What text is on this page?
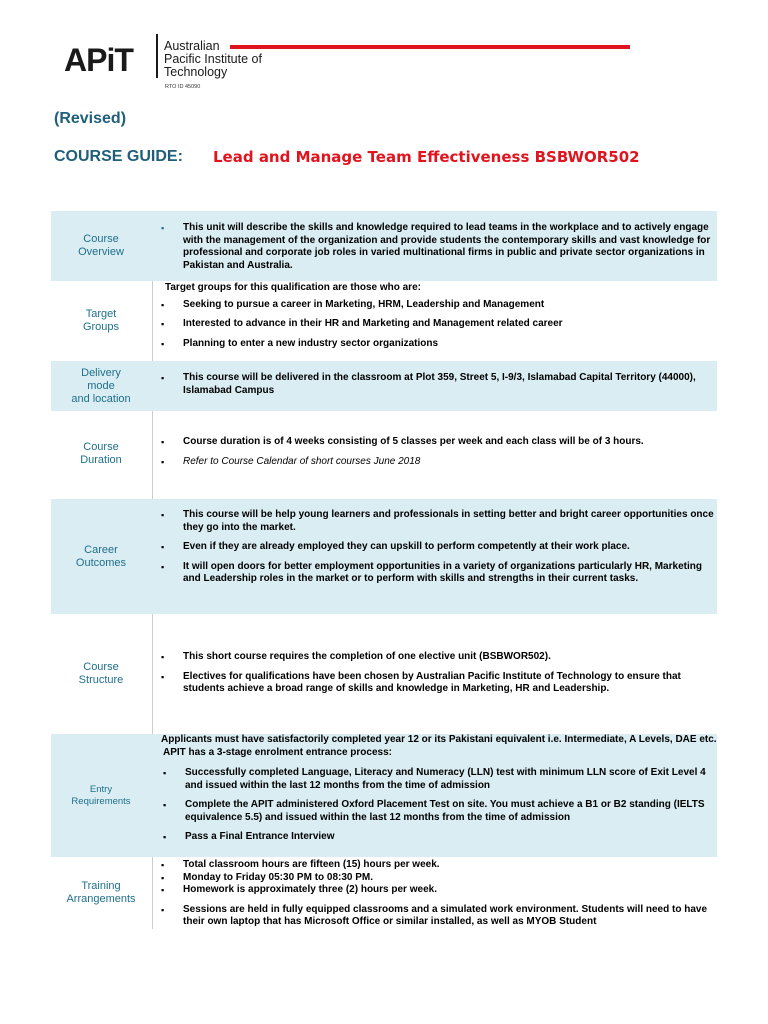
APiT Australian
Pacific Institute of
Technology
RTO ID 45090
(Revised)
COURSE GUIDE: Lead and Manage Team Effectiveness BSBWOR502
Course
Overview
▪ This unit will describe the skills and knowledge required to lead teams in the workplace and to actively engage with the management of the organization and provide students the contemporary skills and vast knowledge for professional and corporate job roles in varied multinational firms in public and private sector organizations in Pakistan and Australia.
Target
Groups
Target groups for this qualification are those who are:
▪ Seeking to pursue a career in Marketing, HRM, Leadership and Management
▪ Interested to advance in their HR and Marketing and Management related career
▪ Planning to enter a new industry sector organizations
Delivery
mode
and location
▪ This course will be delivered in the classroom at Plot 359, Street 5, I-9/3, Islamabad Capital Territory (44000), Islamabad Campus
Course
Duration
▪ Course duration is of 4 weeks consisting of 5 classes per week and each class will be of 3 hours.
▪ Refer to Course Calendar of short courses June 2018
Career
Outcomes
▪ This course will be help young learners and professionals in setting better and bright career opportunities once they go into the market.
▪ Even if they are already employed they can upskill to perform competently at their work place.
▪ It will open doors for better employment opportunities in a variety of organizations particularly HR, Marketing and Leadership roles in the market or to perform with skills and strengths in their current tasks.
Course
Structure
▪ This short course requires the completion of one elective unit (BSBWOR502).
▪ Electives for qualifications have been chosen by Australian Pacific Institute of Technology to ensure that students achieve a broad range of skills and knowledge in Marketing, HR and Leadership.
Entry
Requirements
Applicants must have satisfactorily completed year 12 or its Pakistani equivalent i.e. Intermediate, A Levels, DAE etc.
APIT has a 3-stage enrolment entrance process:
▪ Successfully completed Language, Literacy and Numeracy (LLN) test with minimum LLN score of Exit Level 4 and issued within the last 12 months from the time of admission
▪ Complete the APIT administered Oxford Placement Test on site. You must achieve a B1 or B2 standing (IELTS equivalence 5.5) and issued within the last 12 months from the time of admission
▪ Pass a Final Entrance Interview
Training
Arrangements
▪ Total classroom hours are fifteen (15) hours per week.
▪ Monday to Friday 05:30 PM to 08:30 PM.
▪ Homework is approximately three (2) hours per week.
▪ Sessions are held in fully equipped classrooms and a simulated work environment. Students will need to have their own laptop that has Microsoft Office or similar installed, as well as MYOB Student
